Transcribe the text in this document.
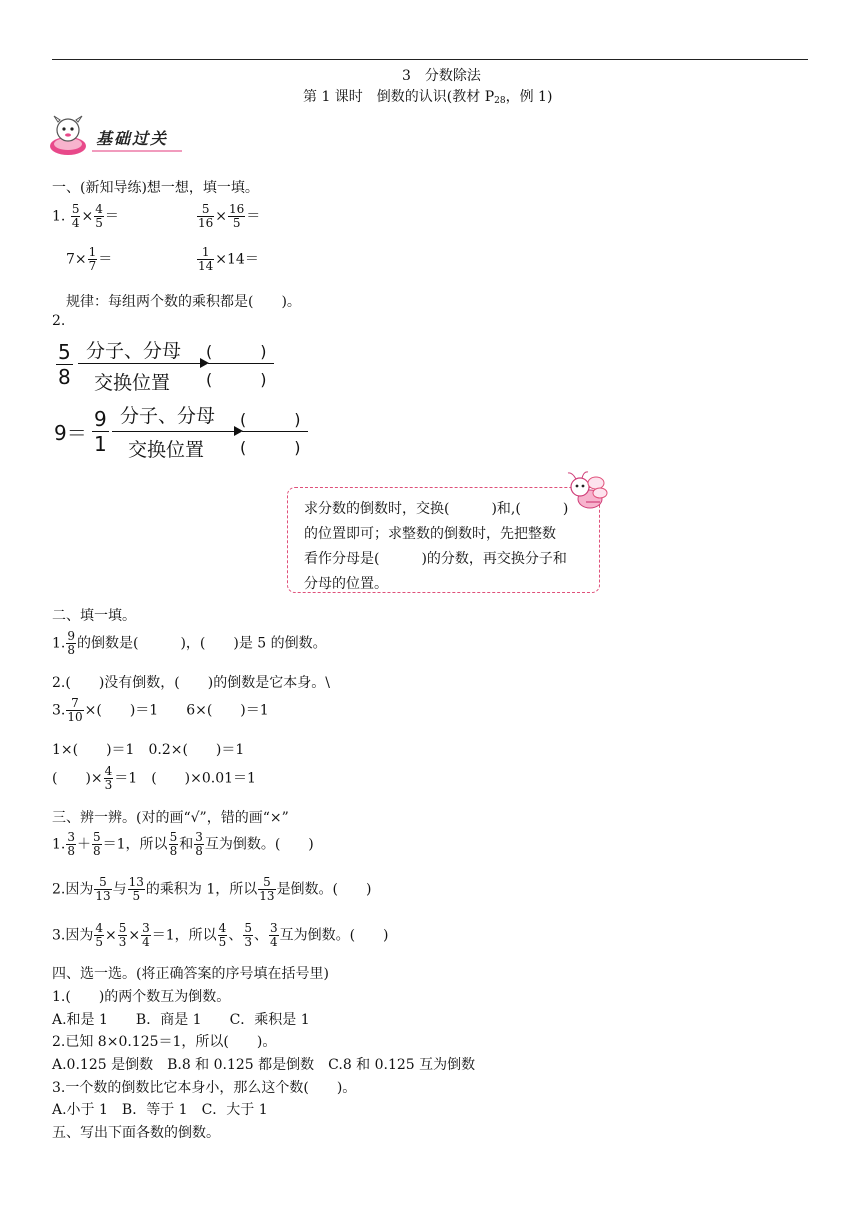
3　分数除法
第 1 课时　倒数的认识(教材 $P_{28}$，例 1)
基础过关
一、(新知导练)想一想，填一填。
1. $\frac{5}{4} \times \frac{4}{5}$ ＝	$\frac{5}{16} \times \frac{16}{5}$ ＝
$7\times \frac{1}{7}$ ＝	$\frac{1}{14} \times 14=$
规律：每组两个数的乘积都是(　　)。
2.
5
8
分子、分母
交换位置
(　　　)
(　　　)
9＝
9
1
分子、分母
交换位置
(　　　)
(　　　)
求分数的倒数时，交换(　　　)和,(　　　)
的位置即可；求整数的倒数时，先把整数
看作分母是(　　　)的分数，再交换分子和
分母的位置。
二、填一填。
1. $\frac{9}{8}$ 的倒数是(　　　)，(　　)是 5 的倒数。
2.(　　)没有倒数，(　　)的倒数是它本身。\
3. $\frac{7}{10}$ ×(　　)＝1　　6×(　　)＝1
1×(　　)＝1　0.2×(　　)＝1
(　　)× $\frac{4}{3} =1$　(　　)×0.01＝1
三、辨一辨。(对的画“√”，错的画“×”
1. $\frac{3}{8} + \frac{5}{8} =1$，所以 $\frac{5}{8}$ 和 $\frac{3}{8}$ 互为倒数。(　　)
2.因为 $\frac{5}{13}$ 与 $\frac{13}{5}$ 的乘积为 1，所以 $\frac{5}{13}$ 是倒数。(　　)
3.因为 $\frac{4}{5} \times \frac{5}{3} \times \frac{3}{4} =1$，所以 $\frac{4}{5}$ 、 $\frac{5}{3}$ 、 $\frac{3}{4}$ 互为倒数。(　　)
四、选一选。(将正确答案的序号填在括号里)
1.(　　)的两个数互为倒数。
A.和是 1　　B．商是 1　　C．乘积是 1
2.已知 8×0.125＝1，所以(　　)。
A.0.125 是倒数　B.8 和 0.125 都是倒数　C.8 和 0.125 互为倒数
3.一个数的倒数比它本身小，那么这个数(　　)。
A.小于 1　B．等于 1　C．大于 1
五、写出下面各数的倒数。
